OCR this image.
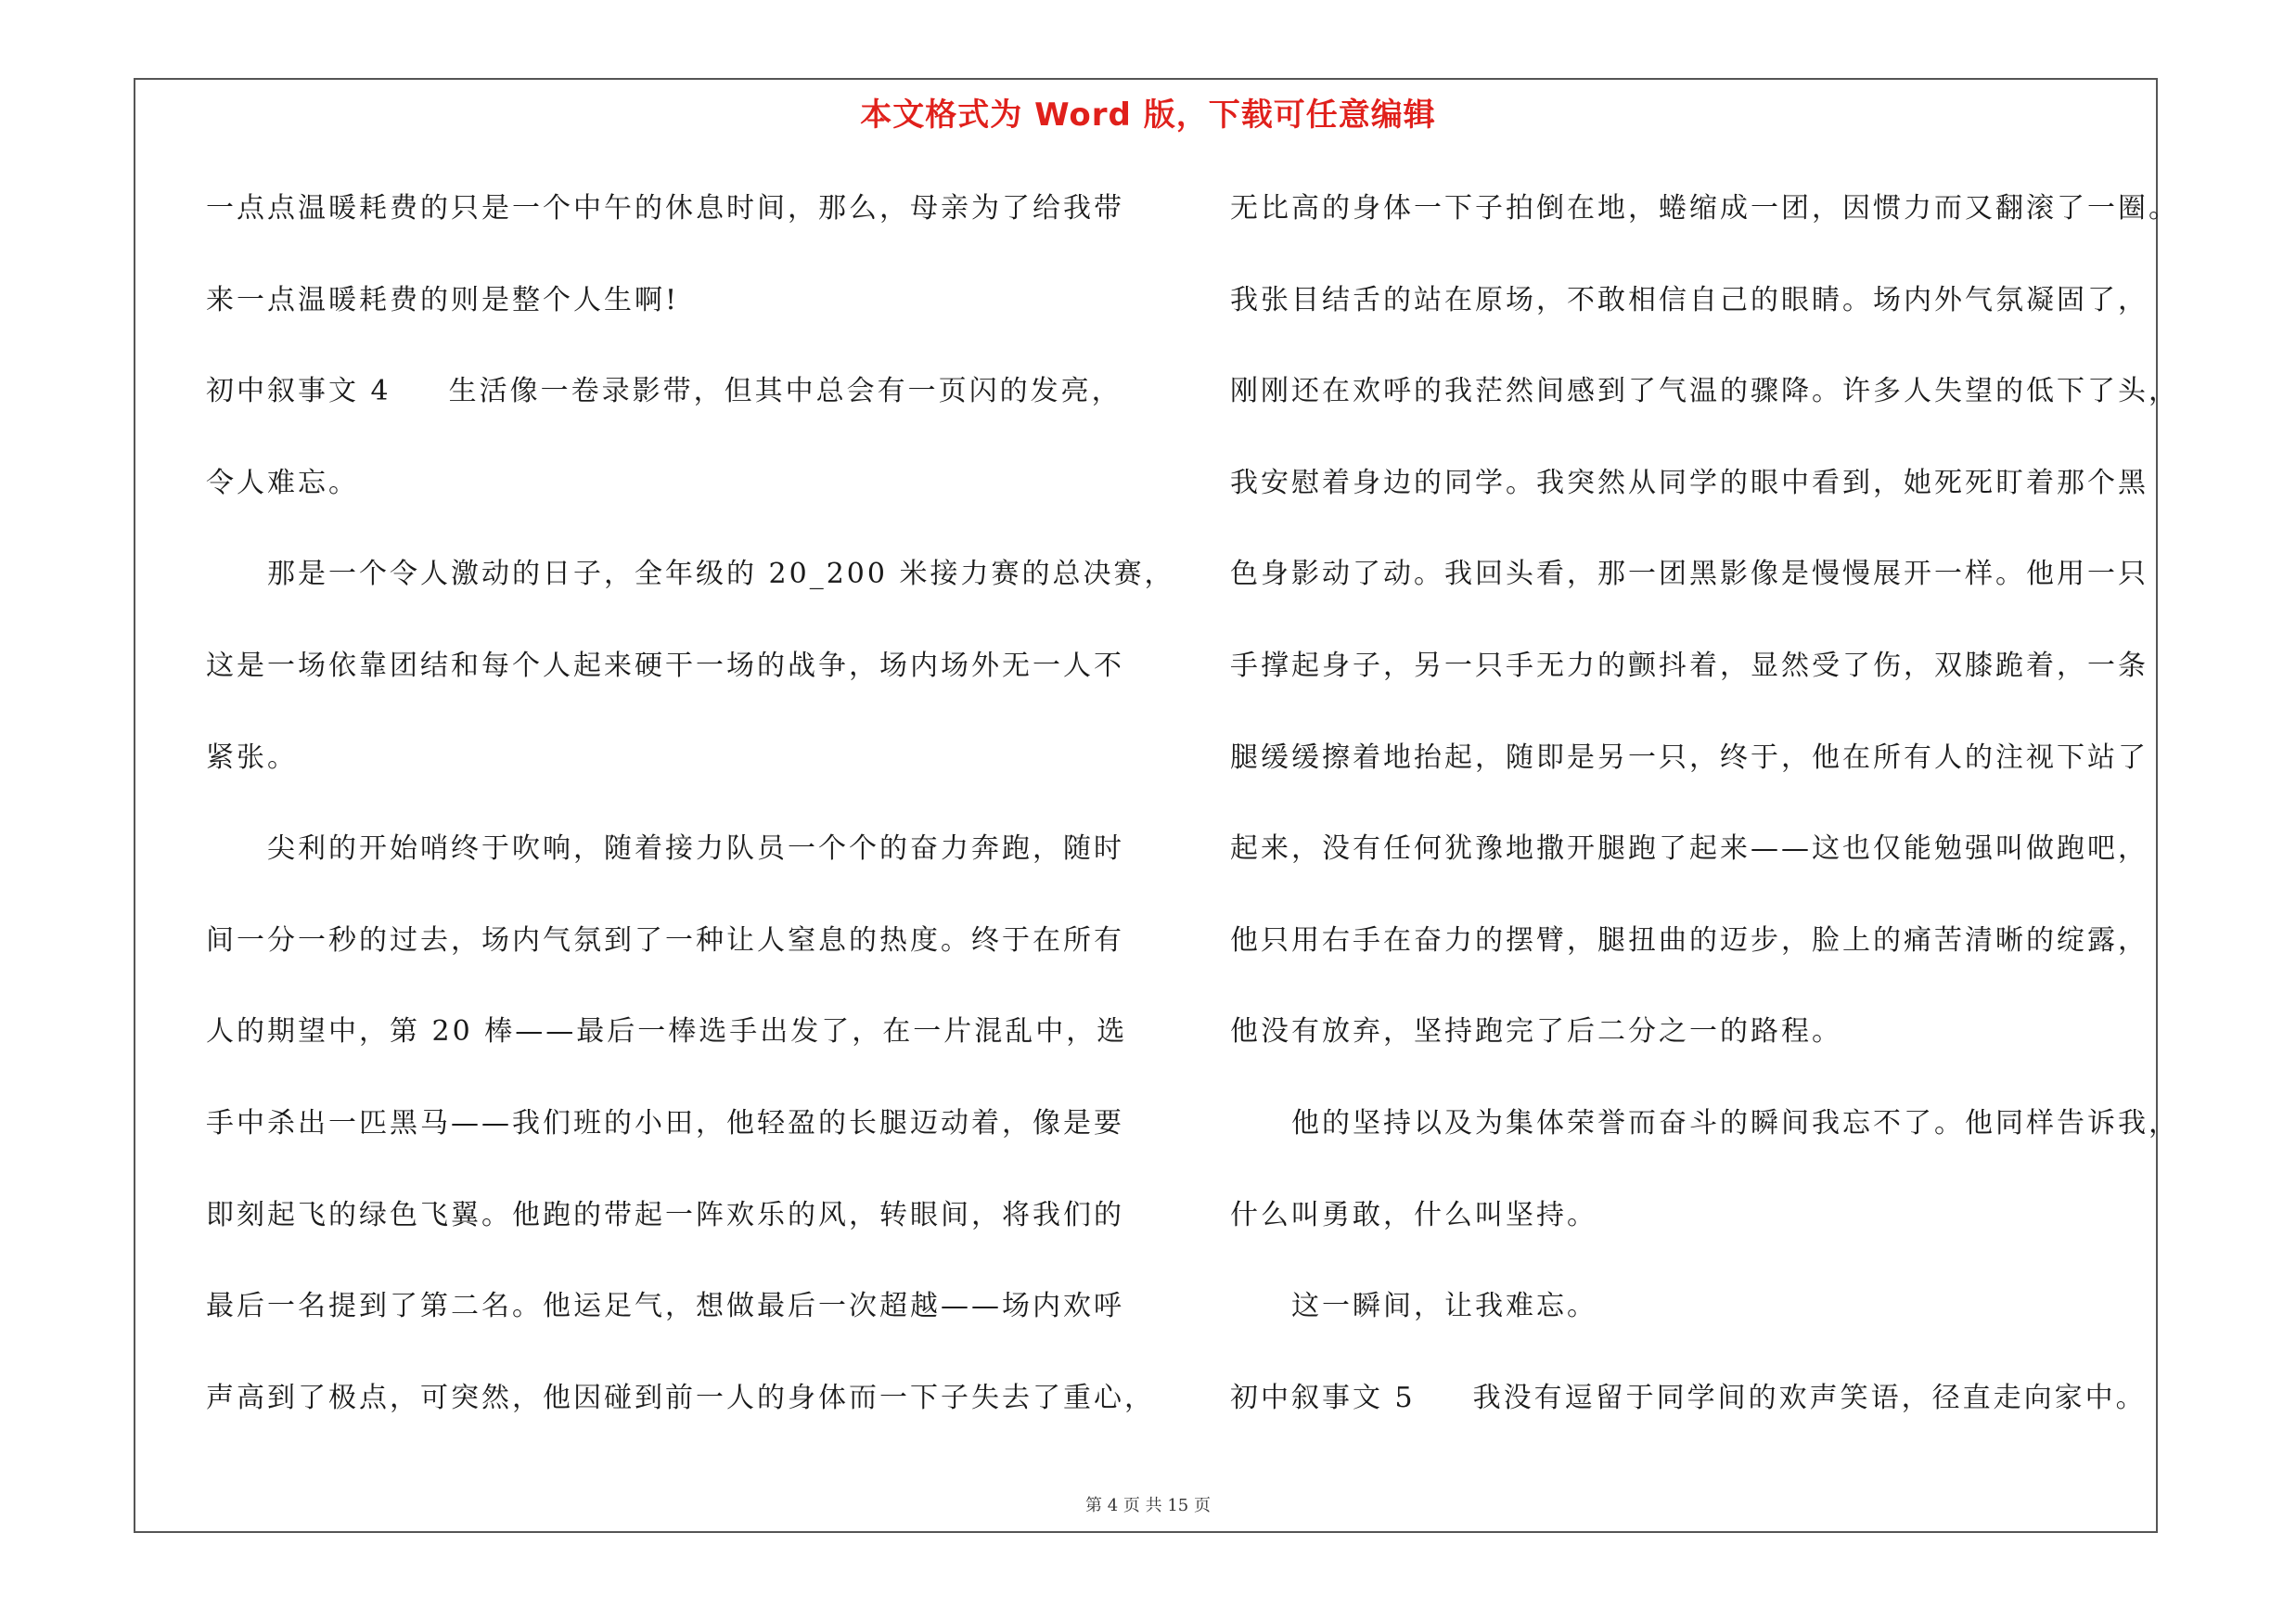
本文格式为 Word 版，下载可任意编辑
一点点温暖耗费的只是一个中午的休息时间，那么，母亲为了给我带
来一点温暖耗费的则是整个人生啊!
初中叙事文 4 生活像一卷录影带，但其中总会有一页闪的发亮，
令人难忘。
那是一个令人激动的日子，全年级的 20_200 米接力赛的总决赛，
这是一场依靠团结和每个人起来硬干一场的战争，场内场外无一人不
紧张。
尖利的开始哨终于吹响，随着接力队员一个个的奋力奔跑，随时
间一分一秒的过去，场内气氛到了一种让人窒息的热度。终于在所有
人的期望中，第 20 棒——最后一棒选手出发了，在一片混乱中，选
手中杀出一匹黑马——我们班的小田，他轻盈的长腿迈动着，像是要
即刻起飞的绿色飞翼。他跑的带起一阵欢乐的风，转眼间，将我们的
最后一名提到了第二名。他运足气，想做最后一次超越——场内欢呼
声高到了极点，可突然，他因碰到前一人的身体而一下子失去了重心，
无比高的身体一下子拍倒在地，蜷缩成一团，因惯力而又翻滚了一圈。
我张目结舌的站在原场，不敢相信自己的眼睛。场内外气氛凝固了，
刚刚还在欢呼的我茫然间感到了气温的骤降。许多人失望的低下了头，
我安慰着身边的同学。我突然从同学的眼中看到，她死死盯着那个黑
色身影动了动。我回头看，那一团黑影像是慢慢展开一样。他用一只
手撑起身子，另一只手无力的颤抖着，显然受了伤，双膝跪着，一条
腿缓缓擦着地抬起，随即是另一只，终于，他在所有人的注视下站了
起来，没有任何犹豫地撒开腿跑了起来——这也仅能勉强叫做跑吧，
他只用右手在奋力的摆臂，腿扭曲的迈步，脸上的痛苦清晰的绽露，
他没有放弃，坚持跑完了后二分之一的路程。
他的坚持以及为集体荣誉而奋斗的瞬间我忘不了。他同样告诉我，
什么叫勇敢，什么叫坚持。
这一瞬间，让我难忘。
初中叙事文 5 我没有逗留于同学间的欢声笑语，径直走向家中。
第 4 页 共 15 页
